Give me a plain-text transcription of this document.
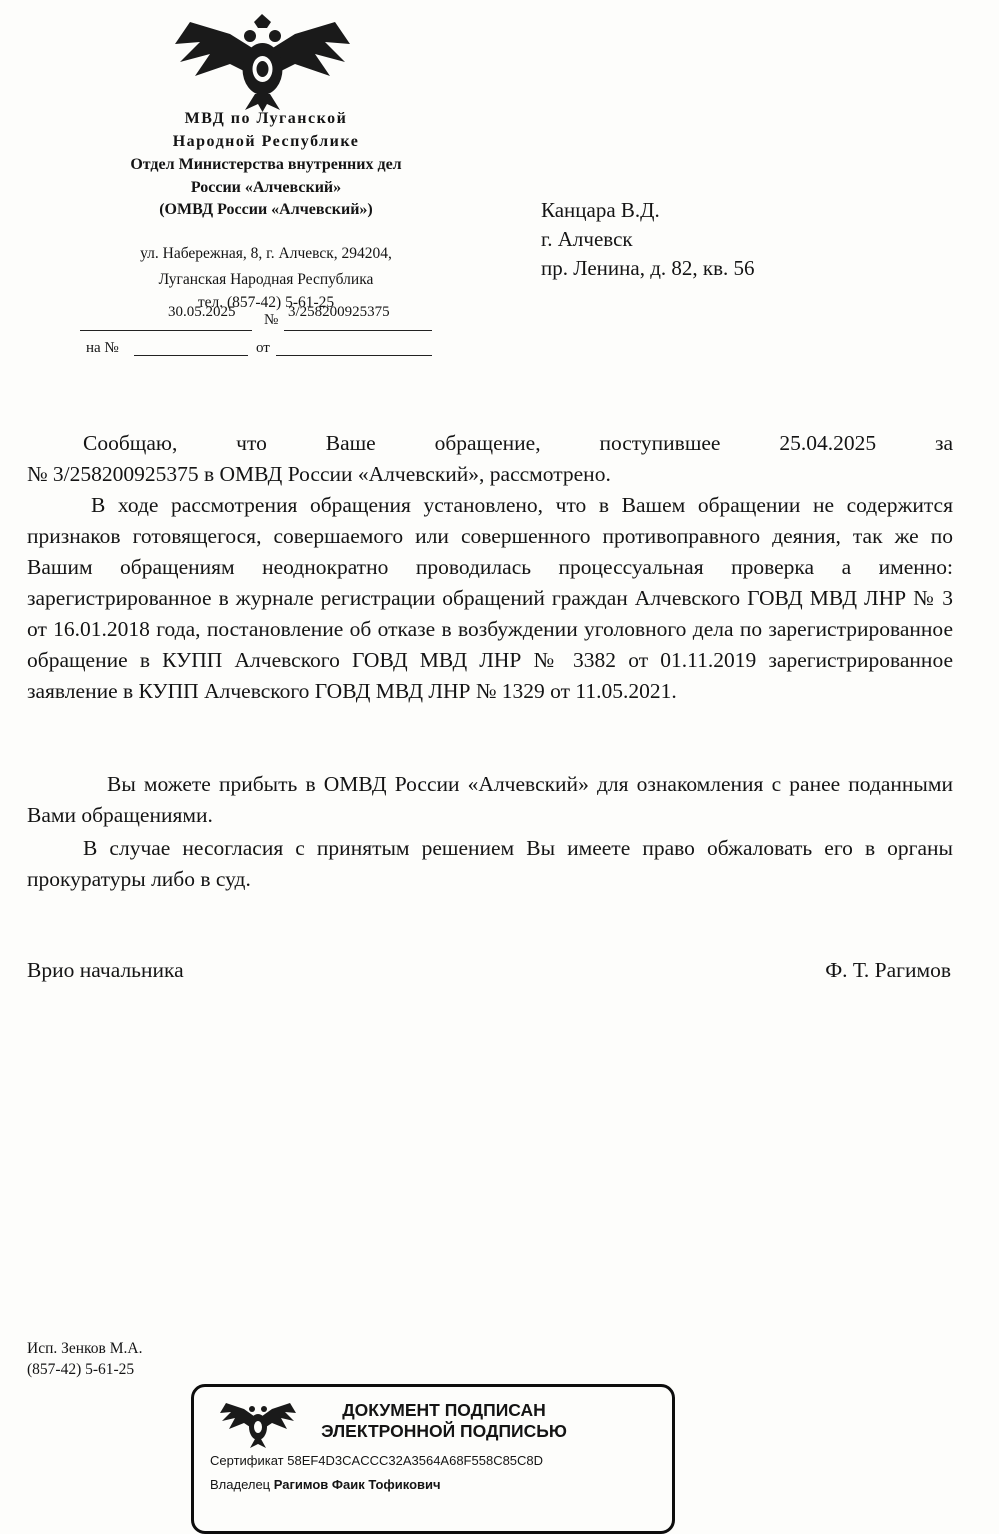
МВД по Луганской
Народной Республике
Отдел Министерства внутренних дел
России «Алчевский»
(ОМВД России «Алчевский»)
ул. Набережная, 8, г. Алчевск, 294204,
Луганская Народная Республика
тел. (857-42) 5-61-25
30.05.2025 № 3/258200925375
на №	от
Канцара В.Д.
г. Алчевск
пр. Ленина, д. 82, кв. 56
Сообщаю, что Ваше обращение, поступившее 25.04.2025 за
№ 3/258200925375 в ОМВД России «Алчевский», рассмотрено.
В ходе рассмотрения обращения установлено, что в Вашем обращении не содержится признаков готовящегося, совершаемого или совершенного противоправного деяния, так же по Вашим обращениям неоднократно проводилась процессуальная проверка а именно: зарегистрированное в журнале регистрации обращений граждан Алчевского ГОВД МВД ЛНР № 3 от 16.01.2018 года, постановление об отказе в возбуждении уголовного дела по зарегистрированное обращение в КУПП Алчевского ГОВД МВД ЛНР № 3382 от 01.11.2019 зарегистрированное заявление в КУПП Алчевского ГОВД МВД ЛНР № 1329 от 11.05.2021.
Вы можете прибыть в ОМВД России «Алчевский» для ознакомления с ранее поданными Вами обращениями.
В случае несогласия с принятым решением Вы имеете право обжаловать его в органы прокуратуры либо в суд.
Врио начальника	Ф. Т. Рагимов
Исп. Зенков М.А.
(857-42) 5-61-25
ДОКУМЕНТ ПОДПИСАН
ЭЛЕКТРОННОЙ ПОДПИСЬЮ
Сертификат 58EF4D3CACCC32A3564A68F558C85C8D
Владелец Рагимов Фаик Тофикович
